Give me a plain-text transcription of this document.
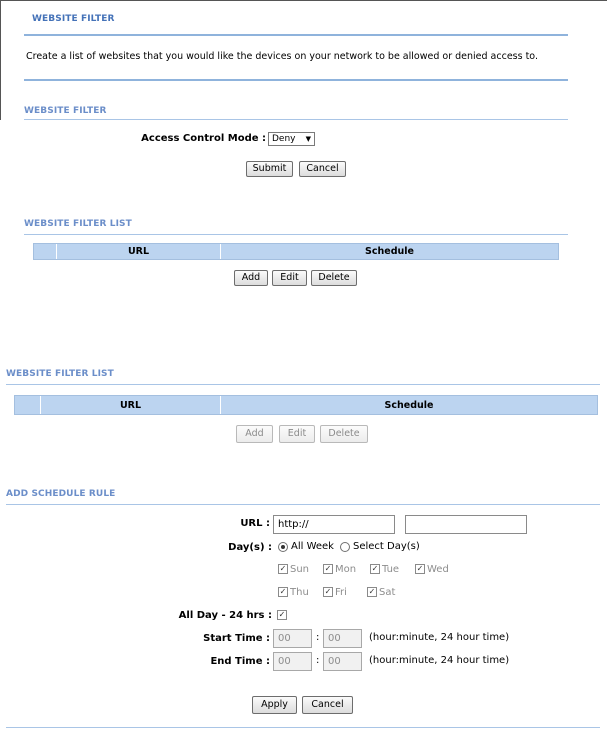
WEBSITE FILTER
Create a list of websites that you would like the devices on your network to be allowed or denied access to.
WEBSITE FILTER
Access Control Mode : Deny ▼
Submit	Cancel
WEBSITE FILTER LIST
URL	Schedule
Add	Edit	Delete
WEBSITE FILTER LIST
URL	Schedule
Add	Edit	Delete
ADD SCHEDULE RULE
URL : http://
Day(s) : All Week Select Day(s)
✓ Sun ✓ Mon ✓ Tue ✓ Wed
✓ Thu ✓ Fri	✓ Sat
All Day - 24 hrs : ✓
Start Time : 00	: 00	(hour:minute, 24 hour time)
End Time : 00	: 00	(hour:minute, 24 hour time)
Apply	Cancel
